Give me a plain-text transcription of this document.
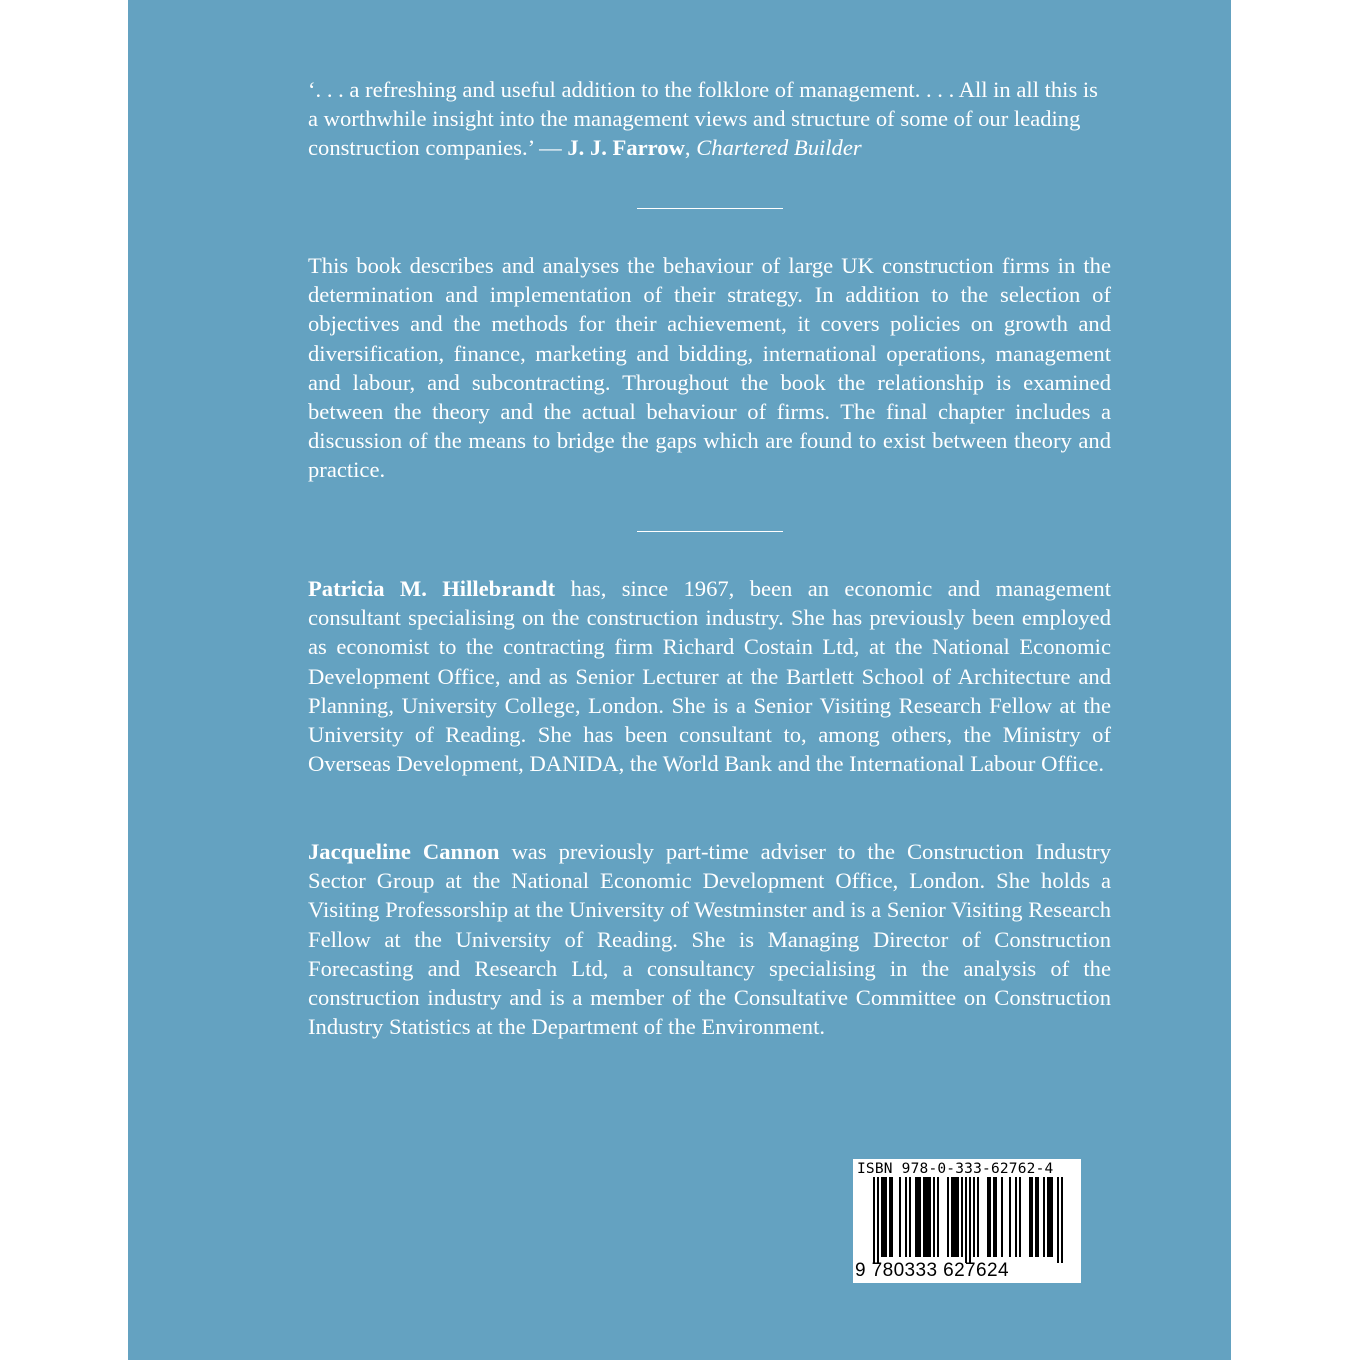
‘. . . a refreshing and useful addition to the folklore of management. . . . All in all this is a worthwhile insight into the management views and structure of some of our leading construction companies.’ — J. J. Farrow, Chartered Builder

This book describes and analyses the behaviour of large UK construction firms in the determination and implementation of their strategy. In addition to the selection of objectives and the methods for their achievement, it covers policies on growth and diversification, finance, marketing and bidding, international operations, management and labour, and subcontracting. Throughout the book the relationship is examined between the theory and the actual behaviour of firms. The final chapter includes a discussion of the means to bridge the gaps which are found to exist between theory and practice.

Patricia M. Hillebrandt has, since 1967, been an economic and management consultant specialising on the construction industry. She has previously been employed as economist to the contracting firm Richard Costain Ltd, at the National Economic Development Office, and as Senior Lecturer at the Bartlett School of Architecture and Planning, University College, London. She is a Senior Visiting Research Fellow at the University of Reading. She has been consultant to, among others, the Ministry of Overseas Development, DANIDA, the World Bank and the International Labour Office.

Jacqueline Cannon was previously part-time adviser to the Construction Industry Sector Group at the National Economic Development Office, London. She holds a Visiting Professorship at the University of Westminster and is a Senior Visiting Research Fellow at the University of Reading. She is Managing Director of Construction Forecasting and Research Ltd, a consultancy specialising in the analysis of the construction industry and is a member of the Consultative Committee on Construction Industry Statistics at the Department of the Environment.

ISBN 978-0-333-62762-4
9 780333 627624
